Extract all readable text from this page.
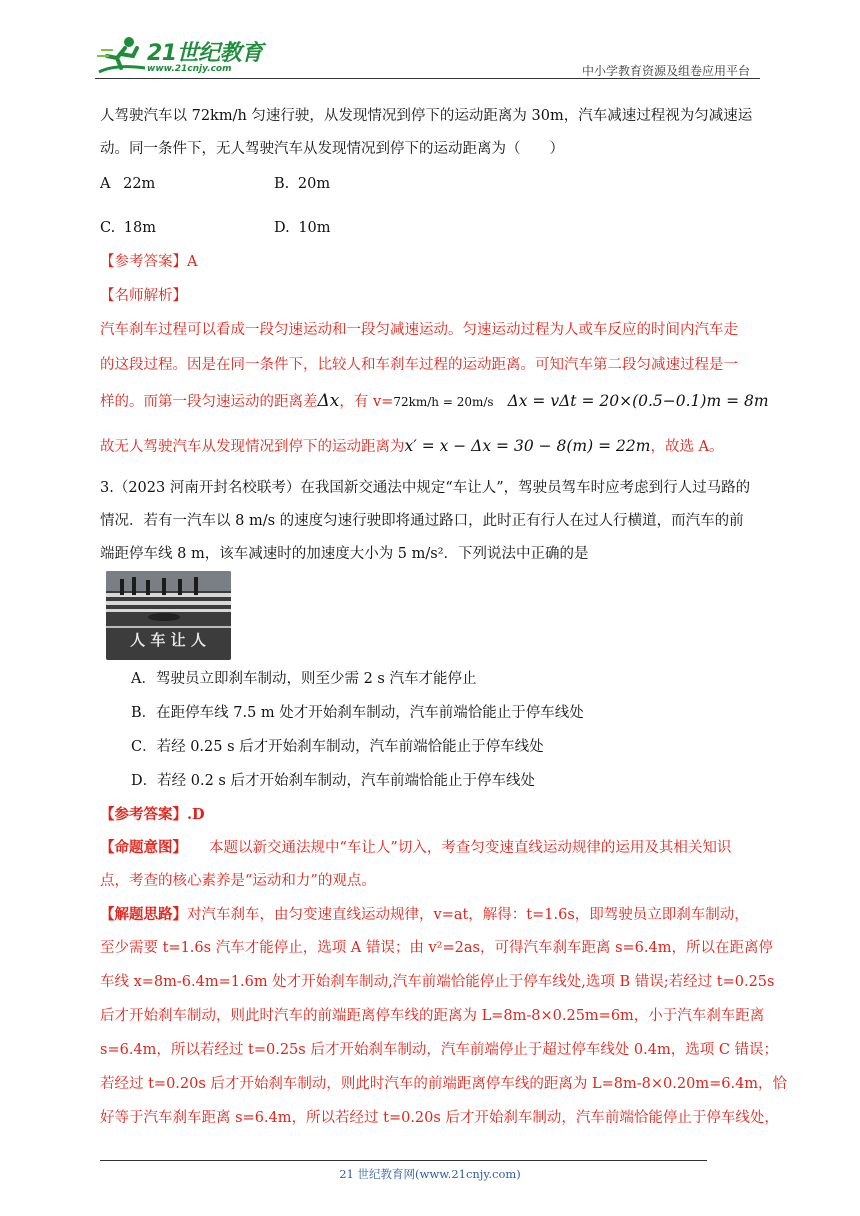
21世纪教育
www.21cnjy.com	中小学教育资源及组卷应用平台
人驾驶汽车以 72km/h 匀速行驶，从发现情况到停下的运动距离为 30m，汽车减速过程视为匀减速运
动。同一条件下，无人驾驶汽车从发现情况到停下的运动距离为（　　）
A 22m	B. 20m
C. 18m	D. 10m
【参考答案】A
【名师解析】
汽车刹车过程可以看成一段匀速运动和一段匀减速运动。匀速运动过程为人或车反应的时间内汽车走
的这段过程。因是在同一条件下，比较人和车刹车过程的运动距离。可知汽车第二段匀减速过程是一
样的。而第一段匀速运动的距离差Δx，有 v=72km/h = 20m/s Δx = vΔt = 20×(0.5−0.1)m = 8m
故无人驾驶汽车从发现情况到停下的运动距离为x′ = x − Δx = 30 − 8(m) = 22m，故选 A。
3.（2023 河南开封名校联考）在我国新交通法中规定“车让人”，驾驶员驾车时应考虑到行人过马路的
情况．若有一汽车以 8 m/s 的速度匀速行驶即将通过路口，此时正有行人在过人行横道，而汽车的前
端距停车线 8 m，该车减速时的加速度大小为 5 m/s²．下列说法中正确的是
人 车 让 人
A．驾驶员立即刹车制动，则至少需 2 s 汽车才能停止
B．在距停车线 7.5 m 处才开始刹车制动，汽车前端恰能止于停车线处
C．若经 0.25 s 后才开始刹车制动，汽车前端恰能止于停车线处
D．若经 0.2 s 后才开始刹车制动，汽车前端恰能止于停车线处
【参考答案】.D
【命题意图】 本题以新交通法规中“车让人”切入，考查匀变速直线运动规律的运用及其相关知识
点，考查的核心素养是“运动和力”的观点。
【解题思路】对汽车刹车，由匀变速直线运动规律，v=at，解得：t=1.6s，即驾驶员立即刹车制动，
至少需要 t=1.6s 汽车才能停止，选项 A 错误；由 v²=2as，可得汽车刹车距离 s=6.4m，所以在距离停
车线 x=8m-6.4m=1.6m 处才开始刹车制动,汽车前端恰能停止于停车线处,选项 B 错误;若经过 t=0.25s
后才开始刹车制动，则此时汽车的前端距离停车线的距离为 L=8m-8×0.25m=6m，小于汽车刹车距离
s=6.4m，所以若经过 t=0.25s 后才开始刹车制动，汽车前端停止于超过停车线处 0.4m，选项 C 错误；
若经过 t=0.20s 后才开始刹车制动，则此时汽车的前端距离停车线的距离为 L=8m-8×0.20m=6.4m，恰
好等于汽车刹车距离 s=6.4m，所以若经过 t=0.20s 后才开始刹车制动，汽车前端恰能停止于停车线处，
21 世纪教育网(www.21cnjy.com)
